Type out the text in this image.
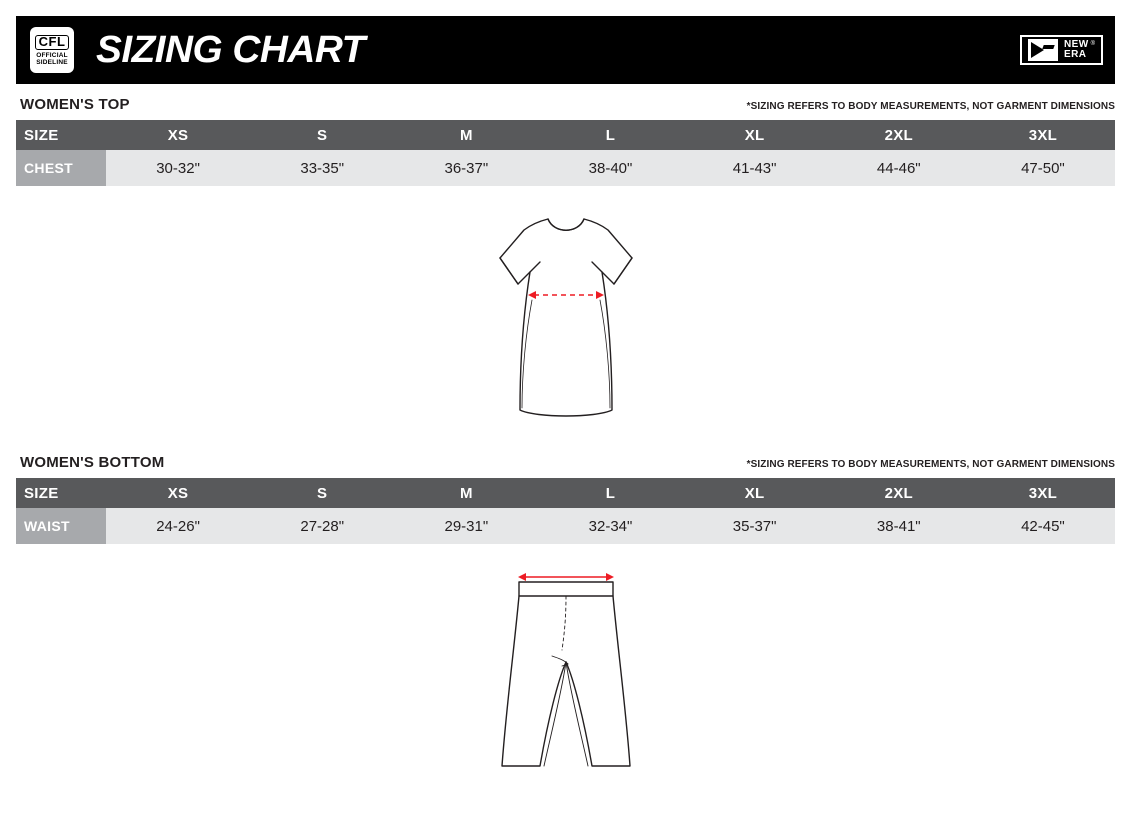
CFL
OFFICIAL
SIDELINE SIZING CHART	NEW
ERA
®
WOMEN'S TOP	*SIZING REFERS TO BODY MEASUREMENTS, NOT GARMENT DIMENSIONS
SIZE	XS	S	M	L	XL	2XL	3XL
CHEST	30-32"	33-35"	36-37"	38-40"	41-43"	44-46"	47-50"
WOMEN'S BOTTOM	*SIZING REFERS TO BODY MEASUREMENTS, NOT GARMENT DIMENSIONS
SIZE	XS	S	M	L	XL	2XL	3XL
WAIST	24-26"	27-28"	29-31"	32-34"	35-37"	38-41"	42-45"
